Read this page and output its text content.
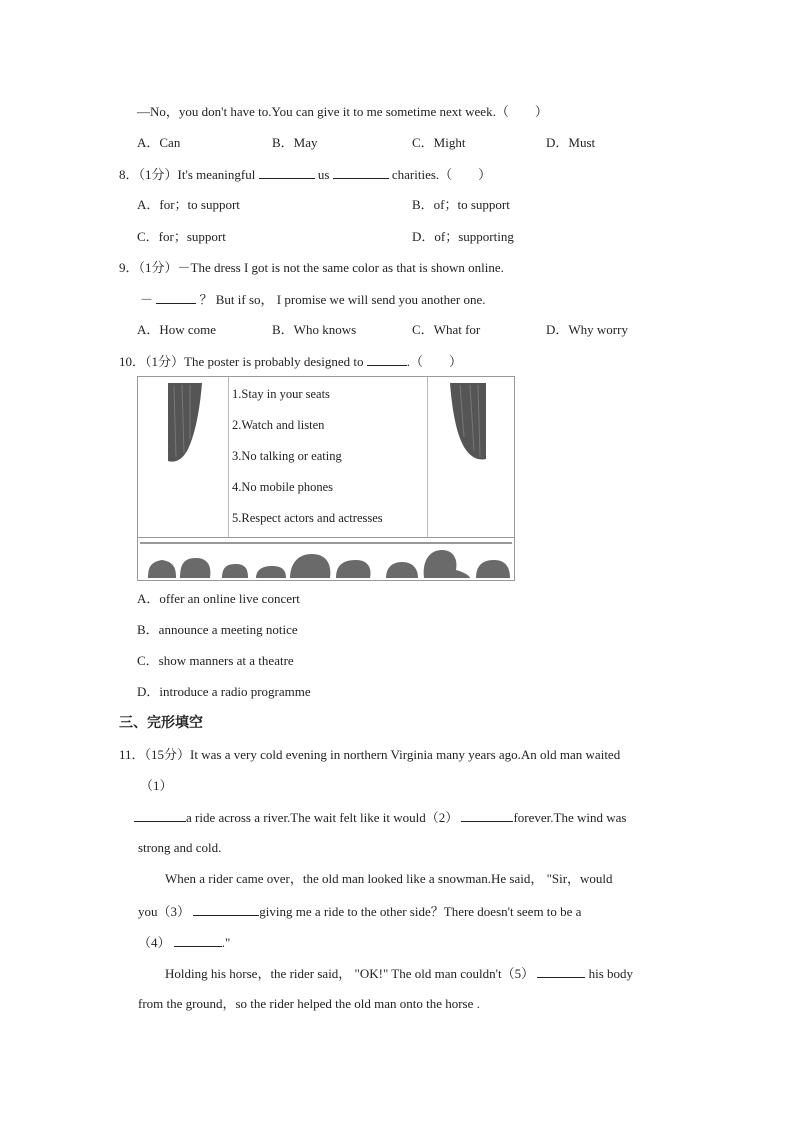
—No，you don't have to.You can give it to me sometime next week.（　　）
A．Can	B．May	C．Might	D．Must
8．（1分）It's meaningful	us	charities.（　　）
A．for；to support	B．of；to support
C．for；support	D．of；supporting
9．（1分）－The dress I got is not the same color as that is shown online.
－	？ But if so， I promise we will send you another one.
A．How come	B．Who knows	C．What for	D．Why worry
10．（1分）The poster is probably designed to	.（　　）
1.Stay in your seats
2.Watch and listen
3.No talking or eating
4.No mobile phones
5.Respect actors and actresses
A．offer an online live concert
B．announce a meeting notice
C．show manners at a theatre
D．introduce a radio programme
三、完形填空
11．（15分）It was a very cold evening in northern Virginia many years ago.An old man waited
（1）
a ride across a river.The wait felt like it would（2）	forever.The wind was
strong and cold.
When a rider came over，the old man looked like a snowman.He said， "Sir，would
you（3）	giving me a ride to the other side？There doesn't seem to be a
（4）	."
Holding his horse，the rider said， "OK!" The old man couldn't（5）	his body
from the ground，so the rider helped the old man onto the horse .
